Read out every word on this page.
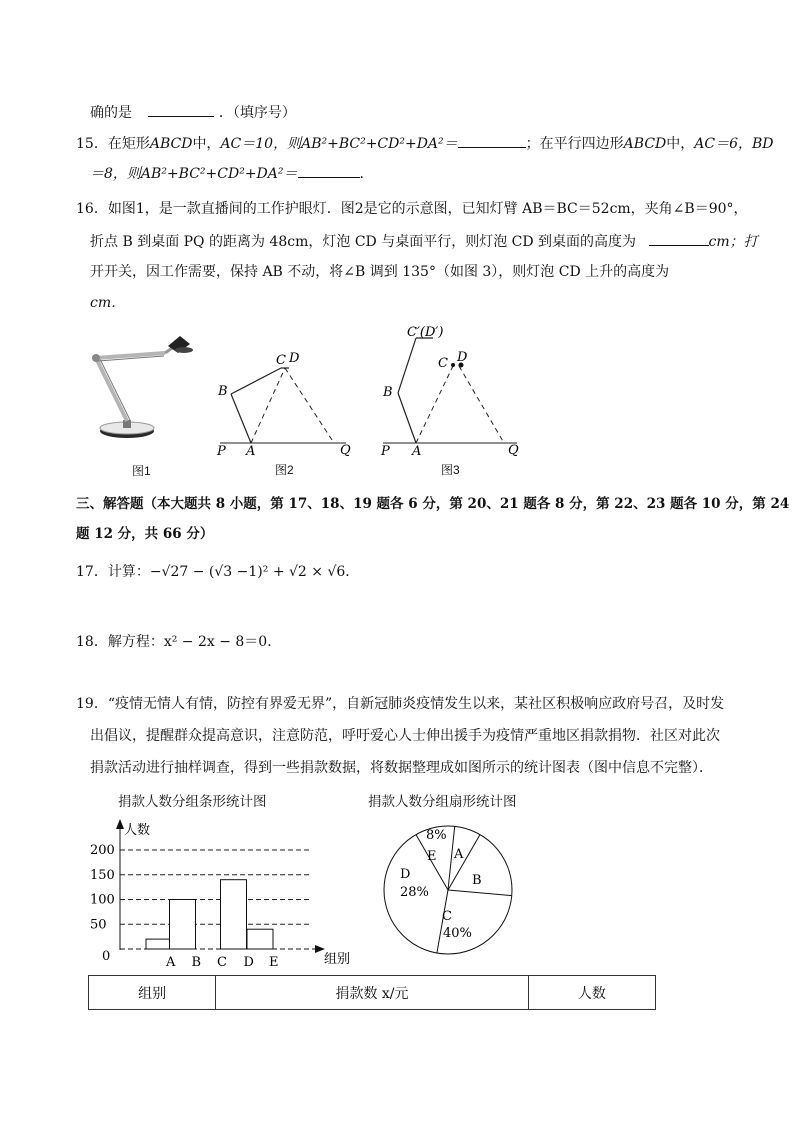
确的是	．（填序号）
15．在矩形ABCD中，AC＝10，则AB²+BC²+CD²+DA²＝	；在平行四边形ABCD中，AC＝6，BD
＝8，则AB²+BC²+CD²+DA²＝	．
16．如图1，是一款直播间的工作护眼灯．图2是它的示意图，已知灯臂 AB＝BC＝52cm，夹角∠B＝90°，
折点 B 到桌面 PQ 的距离为 48cm，灯泡 CD 与桌面平行，则灯泡 CD 到桌面的高度为	cm；打
开开关，因工作需要，保持 AB 不动，将∠B 调到 135°（如图 3），则灯泡 CD 上升的高度为
cm．
P A	Q
B
C D
P A	Q
B
C D
C′(D′)
图1	图2	图3
三、解答题（本大题共 8 小题，第 17、18、19 题各 6 分，第 20、21 题各 8 分，第 22、23 题各 10 分，第 24
题 12 分，共 66 分）
17．计算：−√27 − (√3 −1)² + √2 × √6．
18．解方程：x² − 2x − 8＝0．
19．“疫情无情人有情，防控有界爱无界”，自新冠肺炎疫情发生以来，某社区积极响应政府号召，及时发
出倡议，提醒群众提高意识，注意防范，呼吁爱心人士伸出援手为疫情严重地区捐款捐物．社区对此次
捐款活动进行抽样调查，得到一些捐款数据，将数据整理成如图所示的统计图表（图中信息不完整）．
捐款人数分组条形统计图	捐款人数分组扇形统计图
人数
组别
0
50
100
150
200
A B C D E
A
B
C
40%
D
28%
E
8%
组别	捐款数 x/元	人数
